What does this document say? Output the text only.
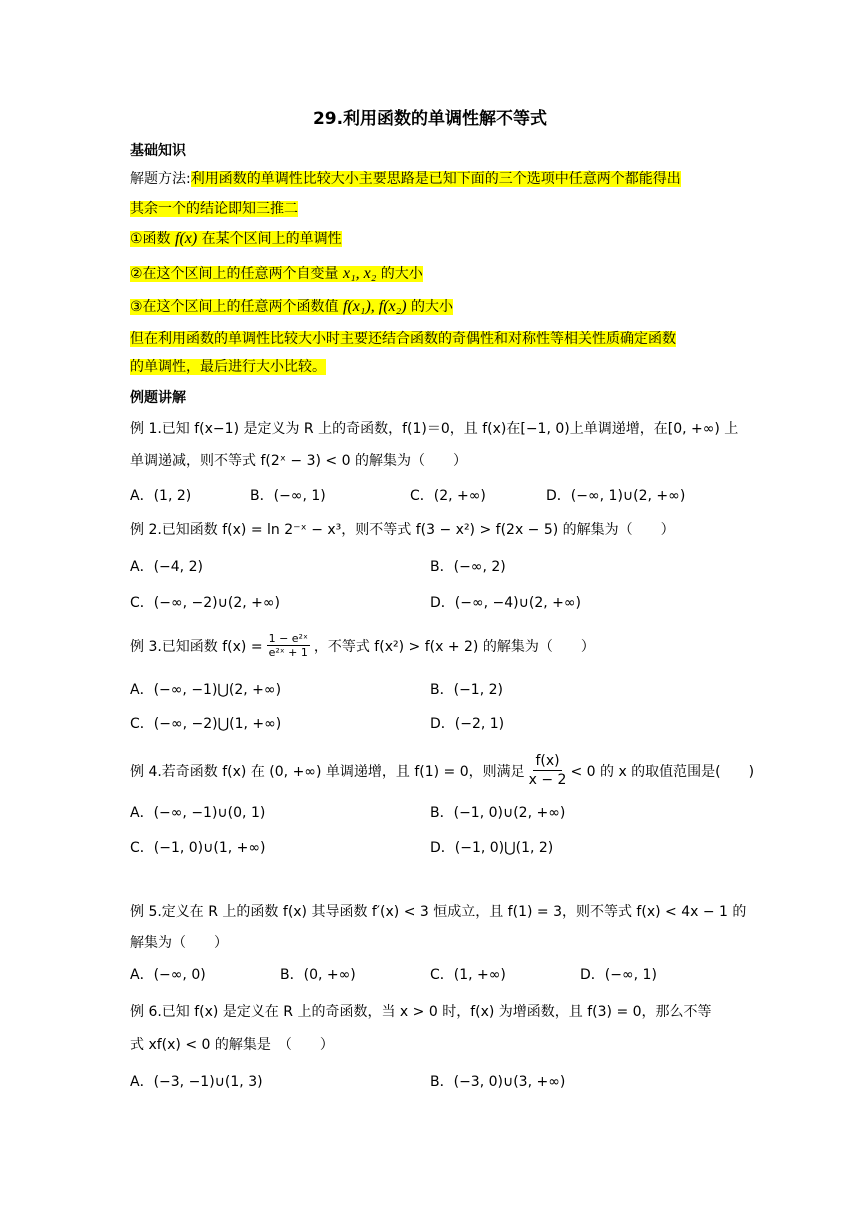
29.利用函数的单调性解不等式
基础知识
解题方法:利用函数的单调性比较大小主要思路是已知下面的三个选项中任意两个都能得出
其余一个的结论即知三推二
①函数 f(x) 在某个区间上的单调性
②在这个区间上的任意两个自变量 x₁, x₂ 的大小
③在这个区间上的任意两个函数值 f(x₁), f(x₂) 的大小
但在利用函数的单调性比较大小时主要还结合函数的奇偶性和对称性等相关性质确定函数
的单调性，最后进行大小比较。
例题讲解
例 1.已知 f(x−1) 是定义为 R 上的奇函数，f(1)＝0，且 f(x)在[−1, 0)上单调递增，在[0, +∞) 上
单调递减，则不等式 f(2ˣ − 3) < 0 的解集为（　　）
A．(1, 2)	B．(−∞, 1)	C．(2, +∞)	D．(−∞, 1)∪(2, +∞)
例 2.已知函数 f(x) = ln 2⁻ˣ − x³，则不等式 f(3 − x²) > f(2x − 5) 的解集为（　　）
A．(−4, 2)	B．(−∞, 2)
C．(−∞, −2)∪(2, +∞)	D．(−∞, −4)∪(2, +∞)
例 3.已知函数 $f(x) = \frac{\text{1 − e²ˣ}}{\text{e²ˣ + 1}}$ ，不等式 f(x²) > f(x + 2) 的解集为（　　）
A．(−∞, −1)⋃(2, +∞)	B．(−1, 2)
C．(−∞, −2)⋃(1, +∞)	D．(−2, 1)
例 4.若奇函数 f(x) 在 (0, +∞) 单调递增，且 f(1) = 0，则满足 $\frac{f(x)}{x - 2} < 0$ 的 x 的取值范围是(　　)
A．(−∞, −1)∪(0, 1)	B．(−1, 0)∪(2, +∞)
C．(−1, 0)∪(1, +∞)	D．(−1, 0)⋃(1, 2)
例 5.定义在 R 上的函数 f(x) 其导函数 f′(x) < 3 恒成立，且 f(1) = 3，则不等式 f(x) < 4x − 1 的
解集为（　　）
A．(−∞, 0)	B．(0, +∞)	C．(1, +∞)	D．(−∞, 1)
例 6.已知 f(x) 是定义在 R 上的奇函数，当 x > 0 时，f(x) 为增函数，且 f(3) = 0，那么不等
式 xf(x) < 0 的解集是　（　　）
A．(−3, −1)∪(1, 3)	B．(−3, 0)∪(3, +∞)
